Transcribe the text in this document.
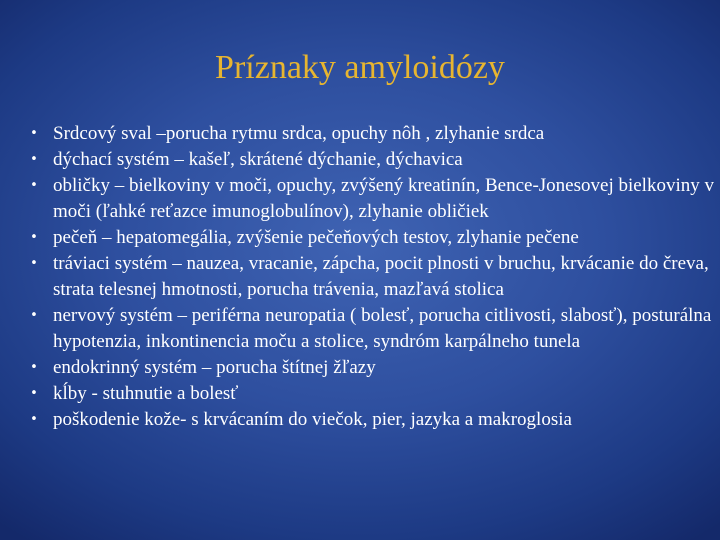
Príznaky amyloidózy
• Srdcový sval –porucha rytmu srdca, opuchy nôh , zlyhanie srdca
• dýchací systém – kašeľ, skrátené dýchanie, dýchavica
• obličky – bielkoviny v moči, opuchy, zvýšený kreatinín, Bence-Jonesovej bielkoviny v moči (ľahké reťazce imunoglobulínov), zlyhanie obličiek
• pečeň – hepatomegália, zvýšenie pečeňových testov, zlyhanie pečene
• tráviaci systém – nauzea, vracanie, zápcha, pocit plnosti v bruchu, krvácanie do čreva, strata telesnej hmotnosti, porucha trávenia, mazľavá stolica
• nervový systém – periférna neuropatia ( bolesť, porucha citlivosti, slabosť), posturálna hypotenzia, inkontinencia moču a stolice, syndróm karpálneho tunela
• endokrinný systém – porucha štítnej žľazy
• kĺby - stuhnutie a bolesť
• poškodenie kože- s krvácaním do viečok, pier, jazyka a makroglosia
